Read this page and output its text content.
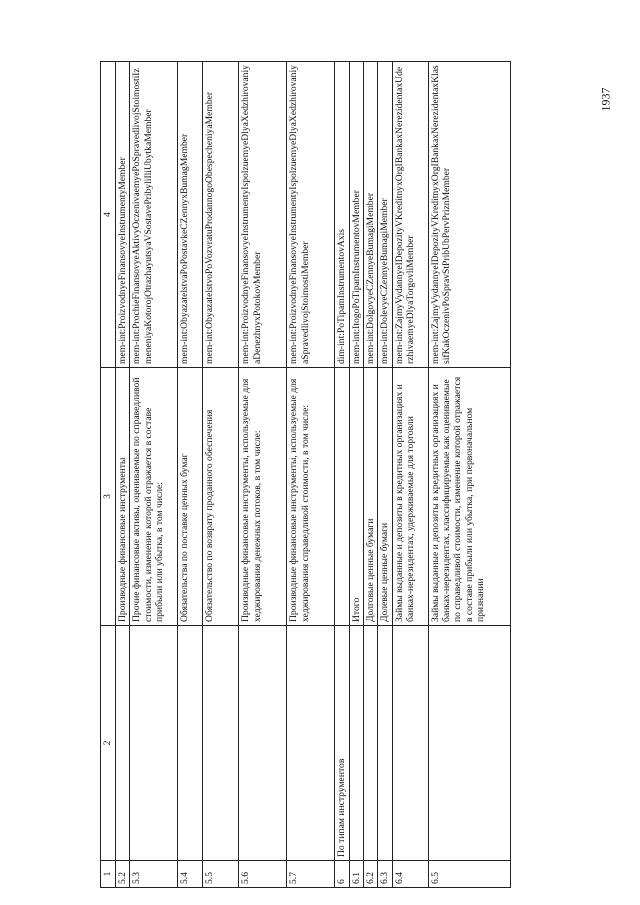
1937
1	2	3	4
5.2		Производные финансовые инструменты	mem-int:ProizvodnyeFinansovyeInstrumentyMember
5.3		Прочие финансовые активы, оцениваемые по справедливой стоимости, изменение которой отражается в составе прибыли или убытка, в том числе:	mem-int:ProchieFinansovyeAktivyOczenivaemyePoSpravedlivojStoimostiIzmeneniyaKotorojOtrazhayutsyaVSostavePribyliIliUbytkaMember
5.4		Обязательства по поставке ценных бумаг	mem-int:ObyazatelstvaPoPostavkeCZennyxBumagMember
5.5		Обязательство по возврату проданного обеспечения	mem-int:ObyazatelstvoPoVozvratuProdannogoObespecheniyaMember
5.6		Производные финансовые инструменты, используемые для хеджирования денежных потоков, в том числе:	mem-int:ProizvodnyeFinansovyeInstrumentyIspolzuemyeDlyaXedzhirovaniyaDenezhnyxPotokovMember
5.7		Производные финансовые инструменты, используемые для хеджирования справедливой стоимости, в том числе:	mem-int:ProizvodnyeFinansovyeInstrumentyIspolzuemyeDlyaXedzhirovaniyaSpravedlivojStoimostiMember
6	По типам инструментов		dim-int:PoTipamInstrumentovAxis
6.1		Итого	mem-int:ItogoPoTipamInstrumentovMember
6.2		Долговые ценные бумаги	mem-int:DolgovyeCZennyeBumagiMember
6.3		Долевые ценные бумаги	mem-int:DolevyeCZennyeBumagiMember
6.4		Займы выданные и депозиты в кредитных организациях и банках-нерезидентах, удерживаемые для торговли	mem-int:ZajmyVydannyeIDepozityVKreditnyxOrgIBankaxNerezidentaxUderzhivaemyeDlyaTorgovliMember
6.5		Займы выданные и депозиты в кредитных организациях и банках-нерезидентах, классифицируемые как оцениваемые по справедливой стоимости, изменение которой отражается в составе прибыли или убытка, при первоначальном признании	mem-int:ZajmyVydannyeIDepozityVKreditnyxOrgIBankaxNerezidentaxKlassifKakOczenivPoSpravStPribUbPervPriznMember
